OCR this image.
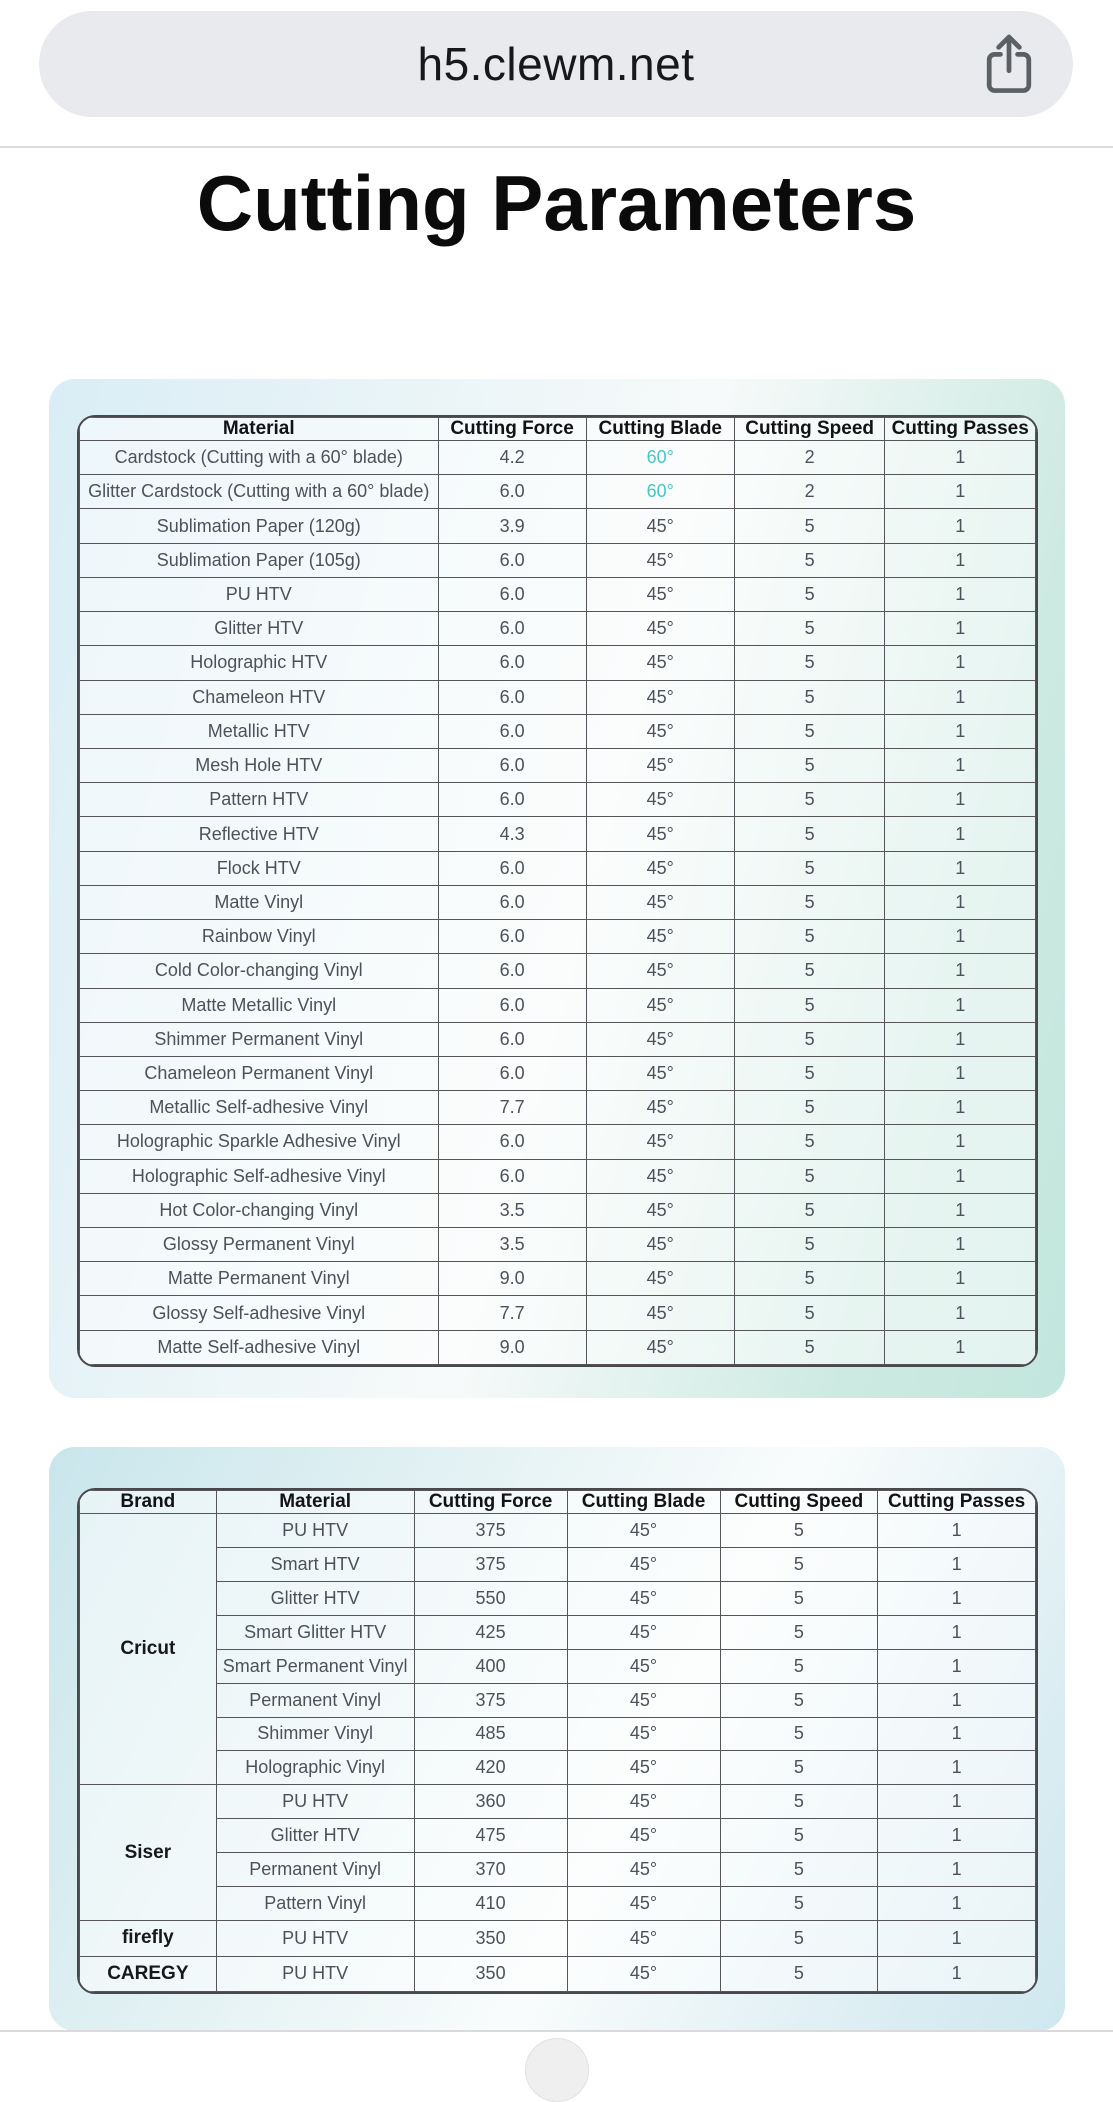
h5.clewm.net
Cutting Parameters
Material	Cutting Force	Cutting Blade	Cutting Speed	Cutting Passes
Cardstock (Cutting with a 60° blade)	4.2	60°	2	1
Glitter Cardstock (Cutting with a 60° blade)	6.0	60°	2	1
Sublimation Paper (120g)	3.9	45°	5	1
Sublimation Paper (105g)	6.0	45°	5	1
PU HTV	6.0	45°	5	1
Glitter HTV	6.0	45°	5	1
Holographic HTV	6.0	45°	5	1
Chameleon HTV	6.0	45°	5	1
Metallic HTV	6.0	45°	5	1
Mesh Hole HTV	6.0	45°	5	1
Pattern HTV	6.0	45°	5	1
Reflective HTV	4.3	45°	5	1
Flock HTV	6.0	45°	5	1
Matte Vinyl	6.0	45°	5	1
Rainbow Vinyl	6.0	45°	5	1
Cold Color-changing Vinyl	6.0	45°	5	1
Matte Metallic Vinyl	6.0	45°	5	1
Shimmer Permanent Vinyl	6.0	45°	5	1
Chameleon Permanent Vinyl	6.0	45°	5	1
Metallic Self-adhesive Vinyl	7.7	45°	5	1
Holographic Sparkle Adhesive Vinyl	6.0	45°	5	1
Holographic Self-adhesive Vinyl	6.0	45°	5	1
Hot Color-changing Vinyl	3.5	45°	5	1
Glossy Permanent Vinyl	3.5	45°	5	1
Matte Permanent Vinyl	9.0	45°	5	1
Glossy Self-adhesive Vinyl	7.7	45°	5	1
Matte Self-adhesive Vinyl	9.0	45°	5	1
Brand	Material	Cutting Force	Cutting Blade	Cutting Speed	Cutting Passes
Cricut	PU HTV	375	45°	5	1
	Smart HTV	375	45°	5	1
	Glitter HTV	550	45°	5	1
	Smart Glitter HTV	425	45°	5	1
	Smart Permanent Vinyl	400	45°	5	1
	Permanent Vinyl	375	45°	5	1
	Shimmer Vinyl	485	45°	5	1
	Holographic Vinyl	420	45°	5	1
Siser	PU HTV	360	45°	5	1
	Glitter HTV	475	45°	5	1
	Permanent Vinyl	370	45°	5	1
	Pattern Vinyl	410	45°	5	1
firefly	PU HTV	350	45°	5	1
CAREGY	PU HTV	350	45°	5	1
